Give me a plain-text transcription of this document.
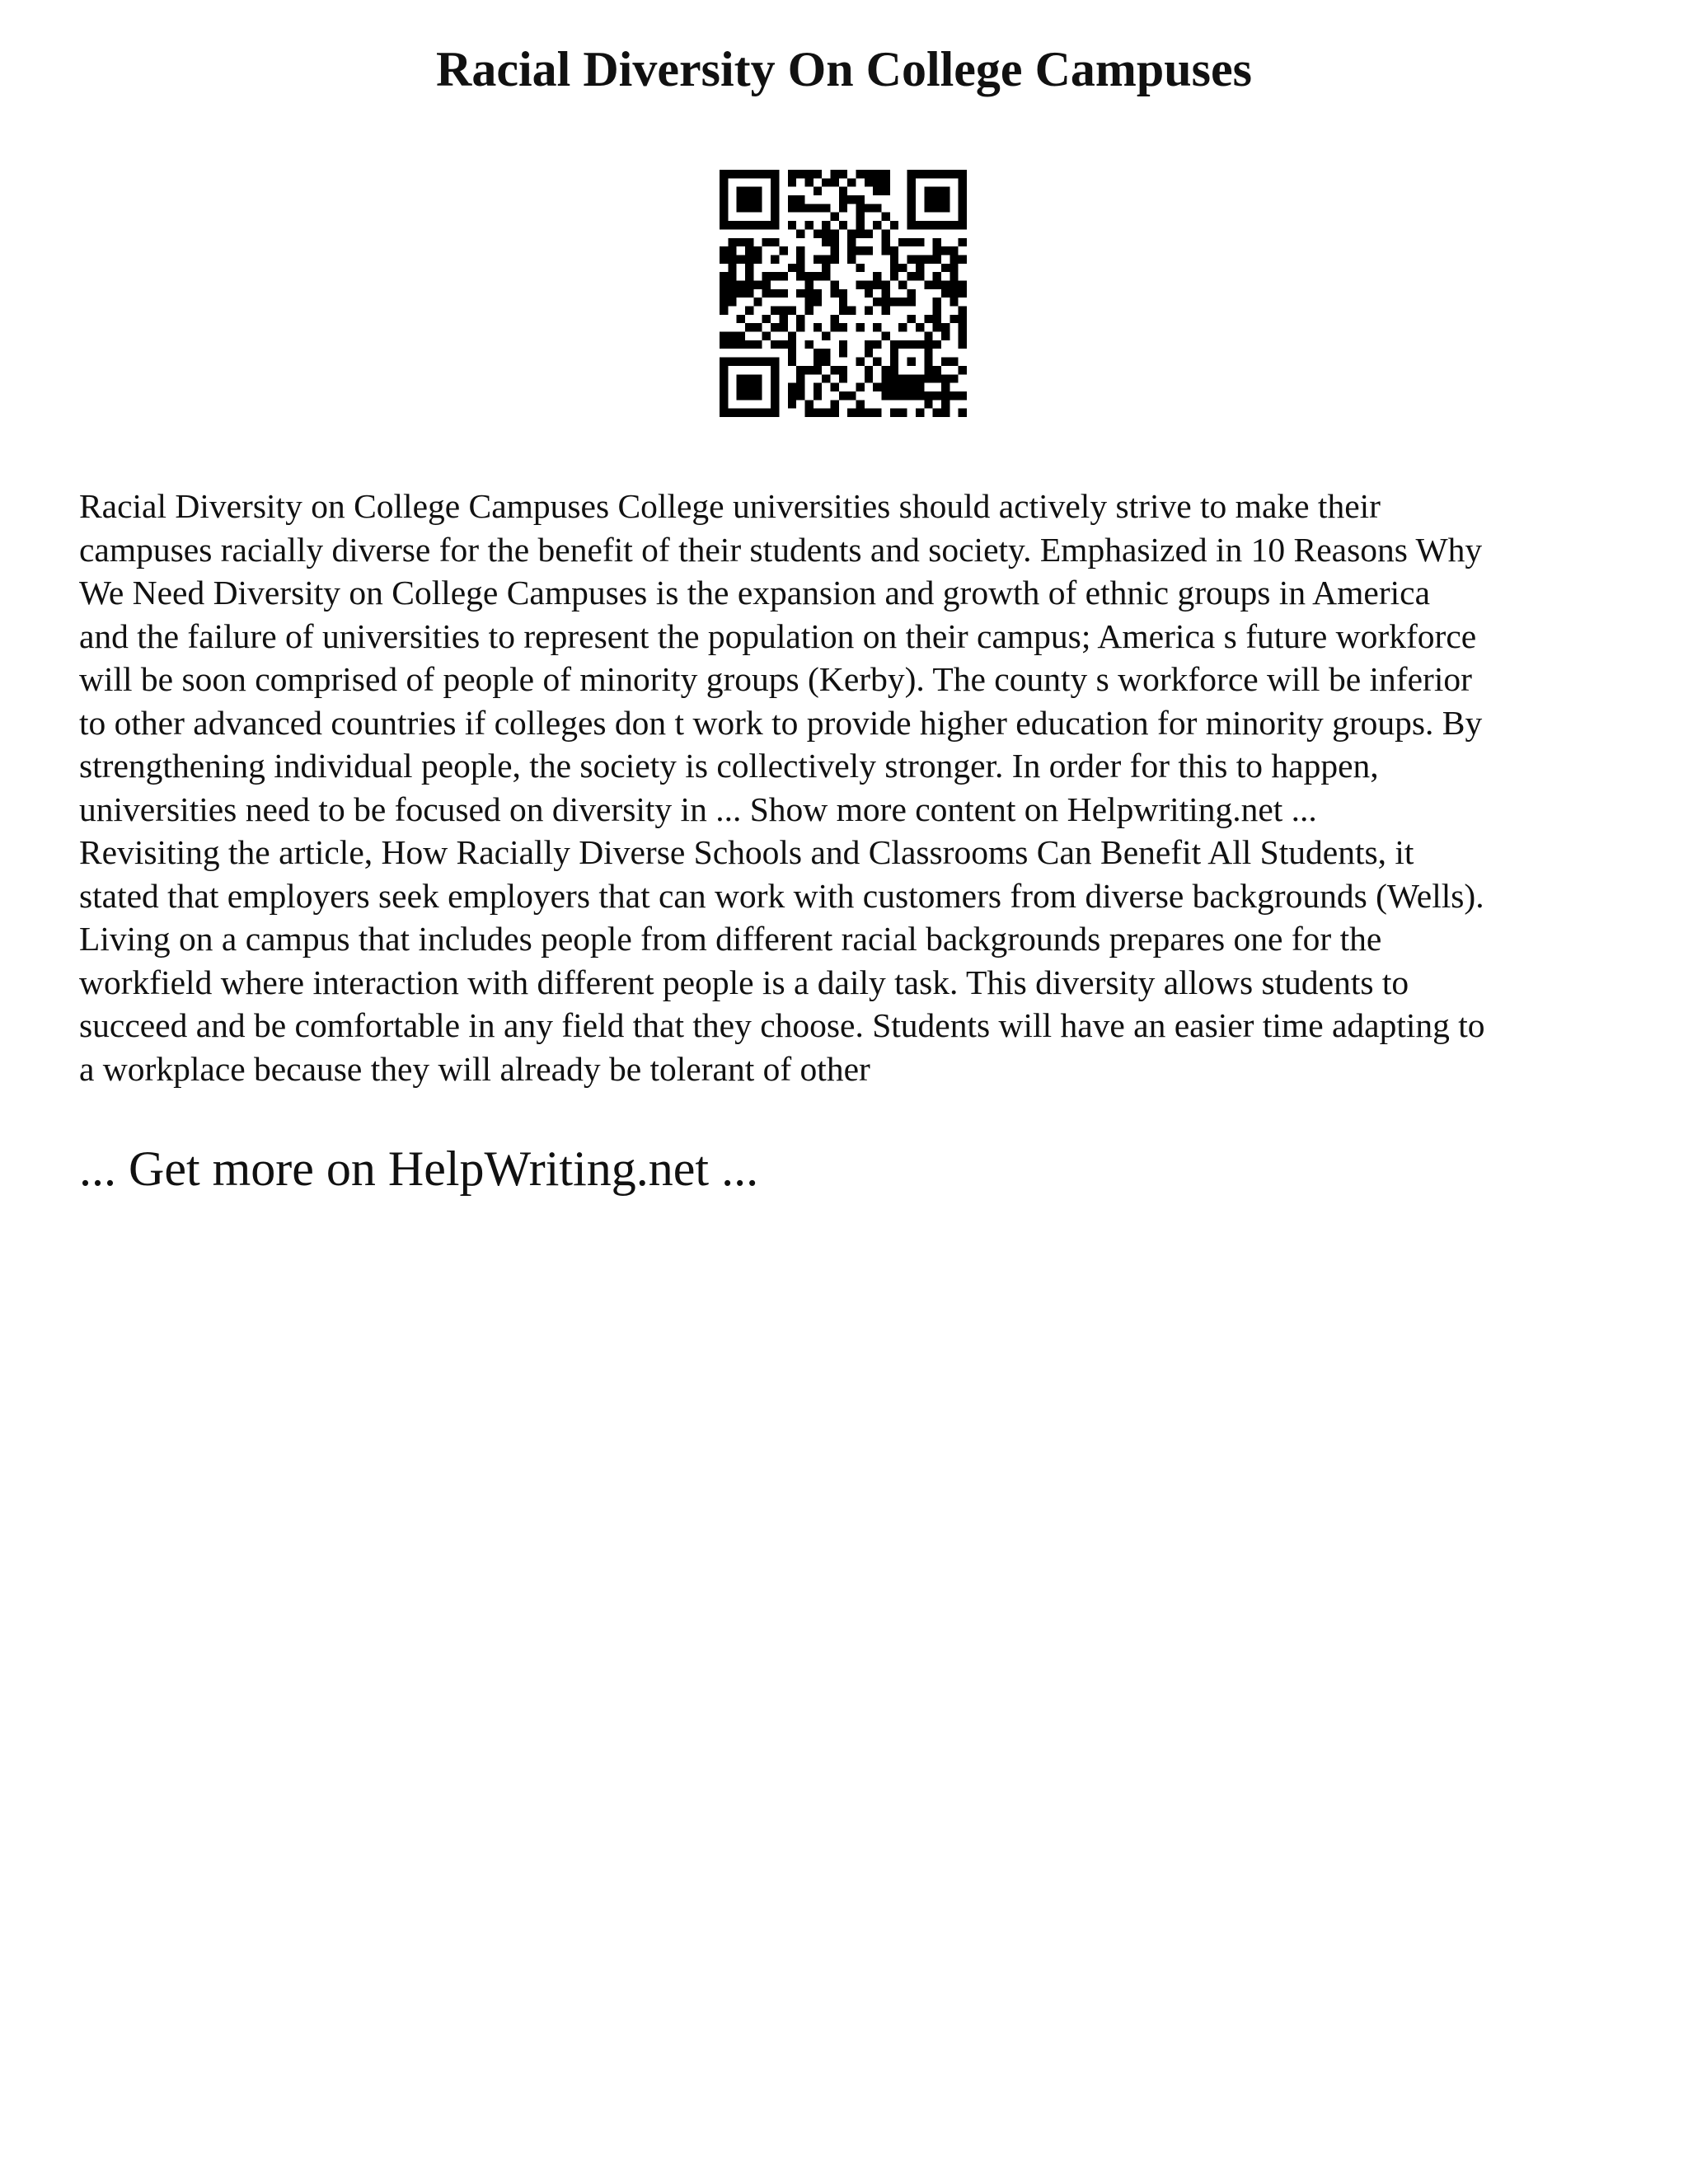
Racial Diversity On College Campuses

Racial Diversity on College Campuses College universities should actively strive to make their
campuses racially diverse for the benefit of their students and society. Emphasized in 10 Reasons Why
We Need Diversity on College Campuses is the expansion and growth of ethnic groups in America
and the failure of universities to represent the population on their campus; America s future workforce
will be soon comprised of people of minority groups (Kerby). The county s workforce will be inferior
to other advanced countries if colleges don t work to provide higher education for minority groups. By
strengthening individual people, the society is collectively stronger. In order for this to happen,
universities need to be focused on diversity in ... Show more content on Helpwriting.net ...
Revisiting the article, How Racially Diverse Schools and Classrooms Can Benefit All Students, it
stated that employers seek employers that can work with customers from diverse backgrounds (Wells).
Living on a campus that includes people from different racial backgrounds prepares one for the
workfield where interaction with different people is a daily task. This diversity allows students to
succeed and be comfortable in any field that they choose. Students will have an easier time adapting to
a workplace because they will already be tolerant of other

... Get more on HelpWriting.net ...
